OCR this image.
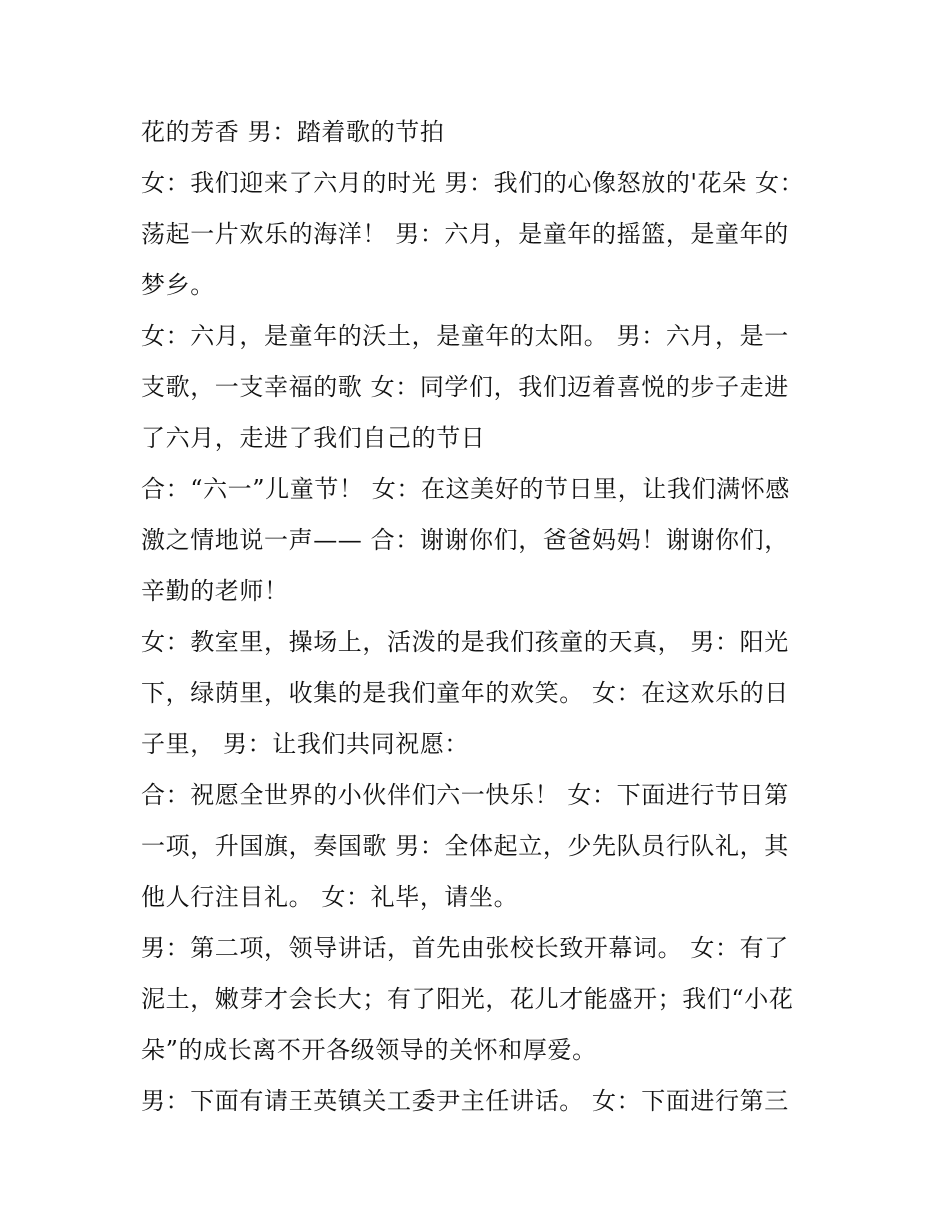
花的芳香 男：踏着歌的节拍

女：我们迎来了六月的时光 男：我们的心像怒放的'花朵 女：
荡起一片欢乐的海洋！ 男：六月，是童年的摇篮，是童年的
梦乡。

女：六月，是童年的沃土，是童年的太阳。 男：六月，是一
支歌，一支幸福的歌 女：同学们，我们迈着喜悦的步子走进
了六月，走进了我们自己的节日

合：“六一”儿童节！ 女：在这美好的节日里，让我们满怀感
激之情地说一声—— 合：谢谢你们，爸爸妈妈！谢谢你们，
辛勤的老师！

女：教室里，操场上，活泼的是我们孩童的天真， 男：阳光
下，绿荫里，收集的是我们童年的欢笑。 女：在这欢乐的日
子里， 男：让我们共同祝愿：

合：祝愿全世界的小伙伴们六一快乐！ 女：下面进行节日第
一项，升国旗，奏国歌 男：全体起立，少先队员行队礼，其
他人行注目礼。 女：礼毕，请坐。

男：第二项，领导讲话，首先由张校长致开幕词。 女：有了
泥土，嫩芽才会长大；有了阳光，花儿才能盛开；我们“小花
朵”的成长离不开各级领导的关怀和厚爱。

男：下面有请王英镇关工委尹主任讲话。 女：下面进行第三
